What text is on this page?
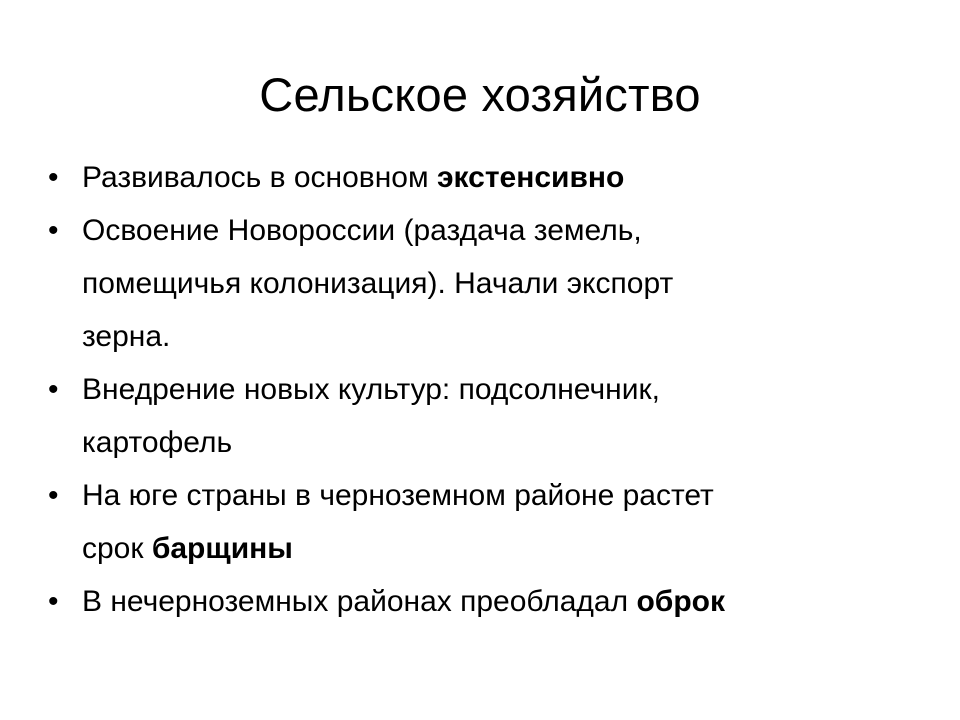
Сельское хозяйство
• Развивалось в основном экстенсивно
• Освоение Новороссии (раздача земель,
помещичья колонизация). Начали экспорт
зерна.
• Внедрение новых культур: подсолнечник,
картофель
• На юге страны в черноземном районе растет
срок барщины
• В нечерноземных районах преобладал оброк
